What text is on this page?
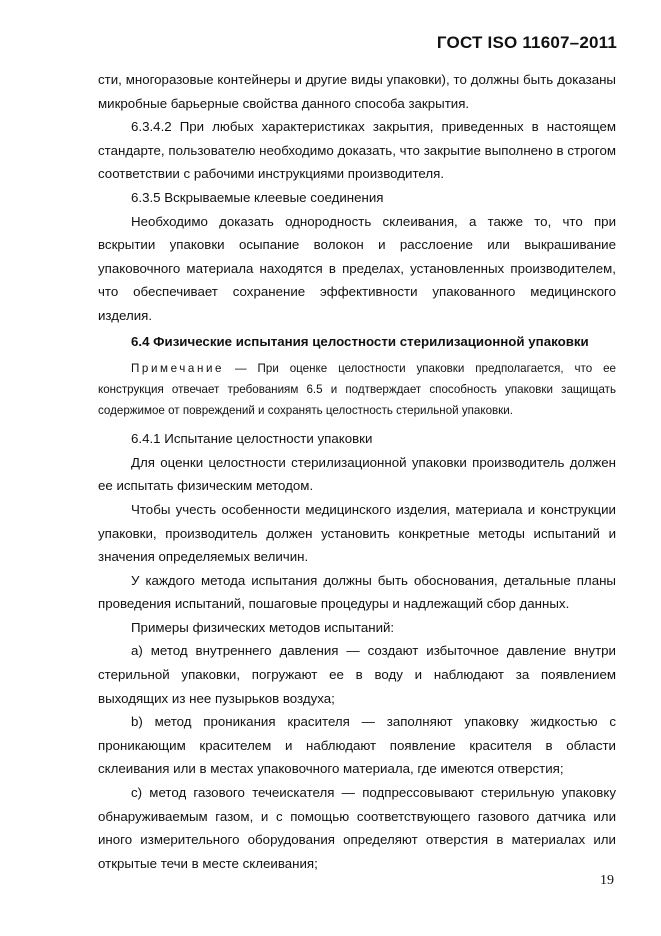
ГОСТ ISO 11607–2011

сти, многоразовые контейнеры и другие виды упаковки), то должны быть доказаны микробные барьерные свойства данного способа закрытия.

6.3.4.2 При любых характеристиках закрытия, приведенных в настоящем стандарте, пользователю необходимо доказать, что закрытие выполнено в строгом соответствии с рабочими инструкциями производителя.

6.3.5 Вскрываемые клеевые соединения

Необходимо доказать однородность склеивания, а также то, что при вскрытии упаковки осыпание волокон и расслоение или выкрашивание упаковочного материала находятся в пределах, установленных производителем, что обеспечивает сохранение эффективности упакованного медицинского изделия.

6.4 Физические испытания целостности стерилизационной упаковки

Примечание — При оценке целостности упаковки предполагается, что ее конструкция отвечает требованиям 6.5 и подтверждает способность упаковки защищать содержимое от повреждений и сохранять целостность стерильной упаковки.

6.4.1 Испытание целостности упаковки

Для оценки целостности стерилизационной упаковки производитель должен ее испытать физическим методом.

Чтобы учесть особенности медицинского изделия, материала и конструкции упаковки, производитель должен установить конкретные методы испытаний и значения определяемых величин.

У каждого метода испытания должны быть обоснования, детальные планы проведения испытаний, пошаговые процедуры и надлежащий сбор данных.

Примеры физических методов испытаний:

а) метод внутреннего давления — создают избыточное давление внутри стерильной упаковки, погружают ее в воду и наблюдают за появлением выходящих из нее пузырьков воздуха;

b) метод проникания красителя — заполняют упаковку жидкостью с проникающим красителем и наблюдают появление красителя в области склеивания или в местах упаковочного материала, где имеются отверстия;

с) метод газового течеискателя — подпрессовывают стерильную упаковку обнаруживаемым газом, и с помощью соответствующего газового датчика или иного измерительного оборудования определяют отверстия в материалах или открытые течи в месте склеивания;

19
